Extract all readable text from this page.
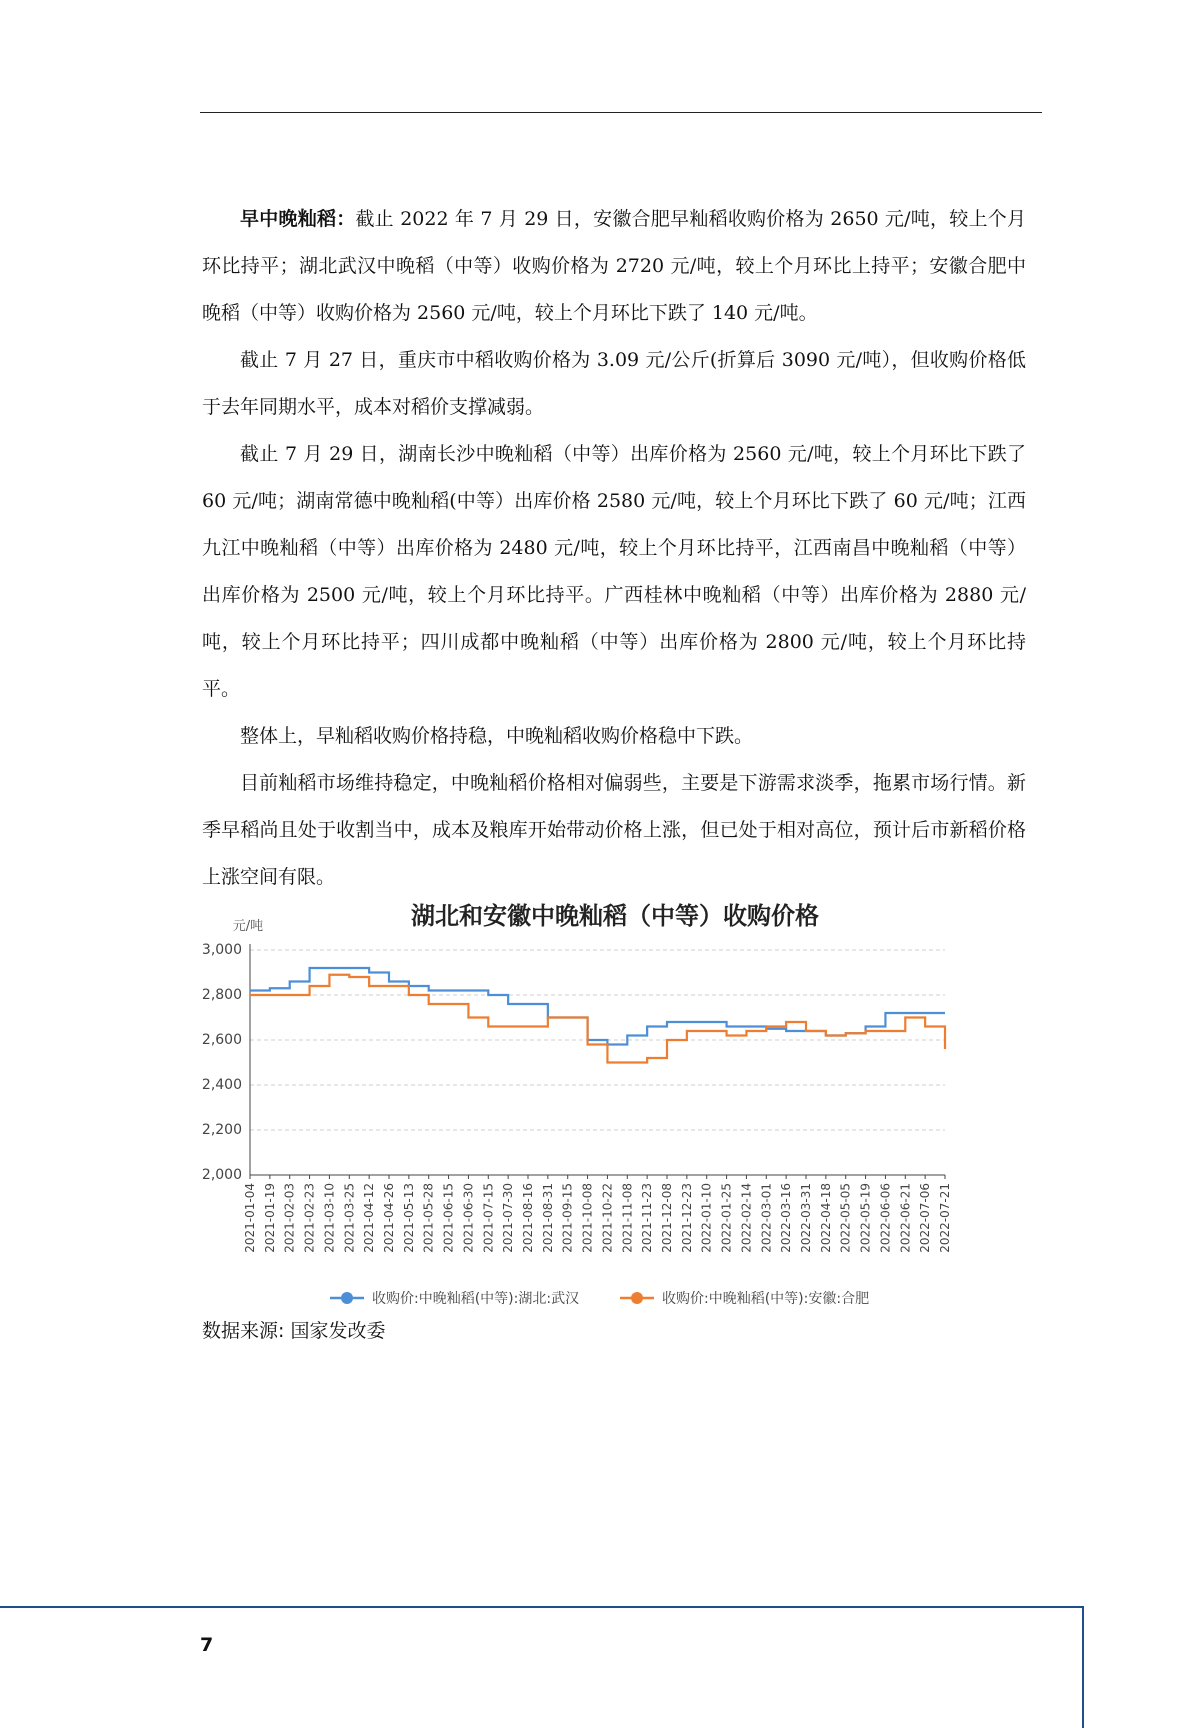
早中晚籼稻：截止 2022 年 7 月 29 日，安徽合肥早籼稻收购价格为 2650 元/吨，较上个月环比持平；湖北武汉中晚稻（中等）收购价格为 2720 元/吨，较上个月环比上持平；安徽合肥中晚稻（中等）收购价格为 2560 元/吨，较上个月环比下跌了 140 元/吨。

截止 7 月 27 日，重庆市中稻收购价格为 3.09 元/公斤(折算后 3090 元/吨），但收购价格低于去年同期水平，成本对稻价支撑减弱。

截止 7 月 29 日，湖南长沙中晚籼稻（中等）出库价格为 2560 元/吨，较上个月环比下跌了 60 元/吨；湖南常德中晚籼稻(中等）出库价格 2580 元/吨，较上个月环比下跌了 60 元/吨；江西九江中晚籼稻（中等）出库价格为 2480 元/吨，较上个月环比持平，江西南昌中晚籼稻（中等）出库价格为 2500 元/吨，较上个月环比持平。广西桂林中晚籼稻（中等）出库价格为 2880 元/吨，较上个月环比持平；四川成都中晚籼稻（中等）出库价格为 2800 元/吨，较上个月环比持平。

整体上，早籼稻收购价格持稳，中晚籼稻收购价格稳中下跌。

目前籼稻市场维持稳定，中晚籼稻价格相对偏弱些，主要是下游需求淡季，拖累市场行情。新季早稻尚且处于收割当中，成本及粮库开始带动价格上涨，但已处于相对高位，预计后市新稻价格上涨空间有限。

湖北和安徽中晚籼稻（中等）收购价格
元/吨
3,000
2,800
2,600
2,400
2,200
2,000
2021-01-04 2021-01-19 2021-02-03 2021-02-23 2021-03-10 2021-03-25 2021-04-12 2021-04-26 2021-05-13 2021-05-28 2021-06-15 2021-06-30 2021-07-15 2021-07-30 2021-08-16 2021-08-31 2021-09-15 2021-10-08 2021-10-22 2021-11-08 2021-11-23 2021-12-08 2021-12-23 2022-01-10 2022-01-25 2022-02-14 2022-03-01 2022-03-16 2022-03-31 2022-04-18 2022-05-05 2022-05-19 2022-06-06 2022-06-21 2022-07-06 2022-07-21
收购价:中晚籼稻(中等):湖北:武汉	收购价:中晚籼稻(中等):安徽:合肥
数据来源: 国家发改委
7
